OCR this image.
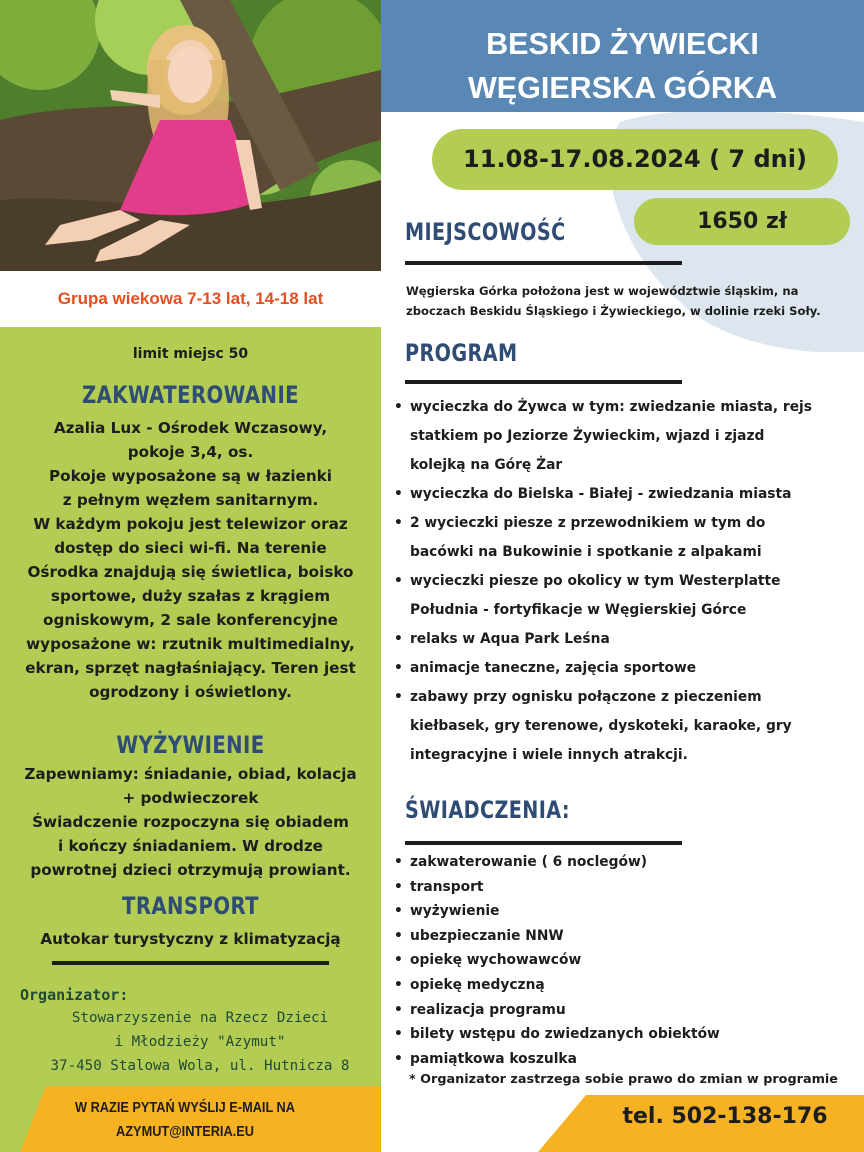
Grupa wiekowa 7-13 lat, 14-18 lat
limit miejsc 50
ZAKWATEROWANIE
Azalia Lux - Ośrodek Wczasowy,
pokoje 3,4, os.
Pokoje wyposażone są w łazienki
z pełnym węzłem sanitarnym.
W każdym pokoju jest telewizor oraz
dostęp do sieci wi-fi. Na terenie
Ośrodka znajdują się świetlica, boisko
sportowe, duży szałas z krągiem
ogniskowym, 2 sale konferencyjne
wyposażone w: rzutnik multimedialny,
ekran, sprzęt nagłaśniający. Teren jest
ogrodzony i oświetlony.
WYŻYWIENIE
Zapewniamy: śniadanie, obiad, kolacja
+ podwieczorek
Świadczenie rozpoczyna się obiadem
i kończy śniadaniem. W drodze
powrotnej dzieci otrzymują prowiant.
TRANSPORT
Autokar turystyczny z klimatyzacją
Organizator:
Stowarzyszenie na Rzecz Dzieci
i Młodzieży "Azymut"
37-450 Stalowa Wola, ul. Hutnicza 8
W RAZIE PYTAŃ WYŚLIJ E-MAIL NA
AZYMUT@INTERIA.EU
BESKID ŻYWIECKI
WĘGIERSKA GÓRKA
11.08-17.08.2024 ( 7 dni)
1650 zł
MIEJSCOWOŚĆ
Węgierska Górka położona jest w województwie śląskim, na
zboczach Beskidu Śląskiego i Żywieckiego, w dolinie rzeki Soły.
PROGRAM
• wycieczka do Żywca w tym: zwiedzanie miasta, rejs
statkiem po Jeziorze Żywieckim, wjazd i zjazd
kolejką na Górę Żar
• wycieczka do Bielska - Białej - zwiedzania miasta
• 2 wycieczki piesze z przewodnikiem w tym do
bacówki na Bukowinie i spotkanie z alpakami
• wycieczki piesze po okolicy w tym Westerplatte
Południa - fortyfikacje w Węgierskiej Górce
• relaks w Aqua Park Leśna
• animacje taneczne, zajęcia sportowe
• zabawy przy ognisku połączone z pieczeniem
kiełbasek, gry terenowe, dyskoteki, karaoke, gry
integracyjne i wiele innych atrakcji.
ŚWIADCZENIA:
• zakwaterowanie ( 6 noclegów)
• transport
• wyżywienie
• ubezpieczanie NNW
• opiekę wychowawców
• opiekę medyczną
• realizacja programu
• bilety wstępu do zwiedzanych obiektów
• pamiątkowa koszulka
* Organizator zastrzega sobie prawo do zmian w programie
tel. 502-138-176
